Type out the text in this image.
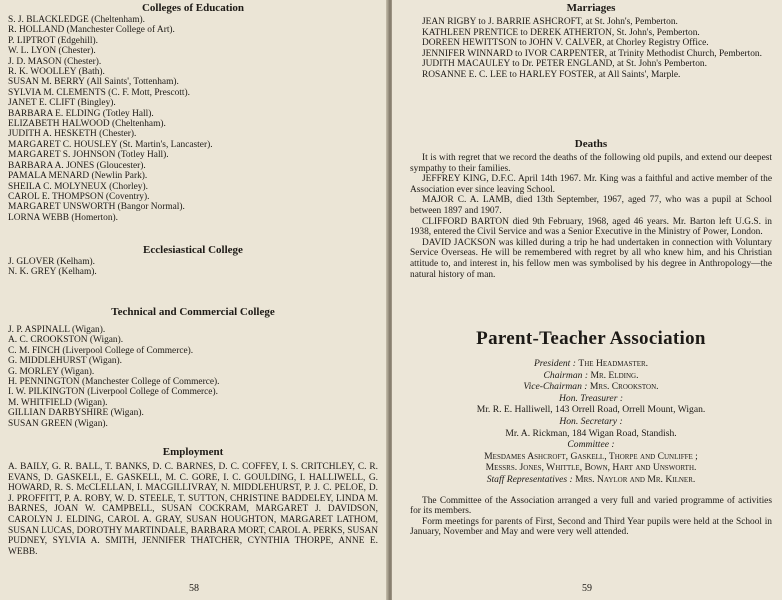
Colleges of Education
S. J. BLACKLEDGE (Cheltenham).
R. HOLLAND (Manchester College of Art).
P. LIPTROT (Edgehill).
W. L. LYON (Chester).
J. D. MASON (Chester).
R. K. WOOLLEY (Bath).
SUSAN M. BERRY (All Saints', Tottenham).
SYLVIA M. CLEMENTS (C. F. Mott, Prescott).
JANET E. CLIFT (Bingley).
BARBARA E. ELDING (Totley Hall).
ELIZABETH HALWOOD (Cheltenham).
JUDITH A. HESKETH (Chester).
MARGARET C. HOUSLEY (St. Martin's, Lancaster).
MARGARET S. JOHNSON (Totley Hall).
BARBARA A. JONES (Gloucester).
PAMALA MENARD (Newlin Park).
SHEILA C. MOLYNEUX (Chorley).
CAROL E. THOMPSON (Coventry).
MARGARET UNSWORTH (Bangor Normal).
LORNA WEBB (Homerton).
Ecclesiastical College
J. GLOVER (Kelham).
N. K. GREY (Kelham).
Technical and Commercial College
J. P. ASPINALL (Wigan).
A. C. CROOKSTON (Wigan).
C. M. FINCH (Liverpool College of Commerce).
G. MIDDLEHURST (Wigan).
G. MORLEY (Wigan).
H. PENNINGTON (Manchester College of Commerce).
I. W. PILKINGTON (Liverpool College of Commerce).
M. WHITFIELD (Wigan).
GILLIAN DARBYSHIRE (Wigan).
SUSAN GREEN (Wigan).
Employment

A. BAILY, G. R. BALL, T. BANKS, D. C. BARNES, D. C. COFFEY, I. S. CRITCHLEY, C. R. EVANS, D. GASKELL, E. GASKELL, M. C. GORE, I. C. GOULDING, I. HALLIWELL, G. HOWARD, R. S. McCLELLAN, I. MACGILLIVRAY, N. MIDDLEHURST, P. J. C. PELOE, D. J. PROFFITT, P. A. ROBY, W. D. STEELE, T. SUTTON, CHRISTINE BADDELEY, LINDA M. BARNES, JOAN W. CAMPBELL, SUSAN COCKRAM, MARGARET J. DAVIDSON, CAROLYN J. ELDING, CAROL A. GRAY, SUSAN HOUGHTON, MARGARET LATHOM, SUSAN LUCAS, DOROTHY MARTINDALE, BARBARA MORT, CAROL A. PERKS, SUSAN PUDNEY, SYLVIA A. SMITH, JENNIFER THATCHER, CYNTHIA THORPE, ANNE E. WEBB.

58
Marriages

JEAN RIGBY to J. BARRIE ASHCROFT, at St. John's, Pemberton.

KATHLEEN PRENTICE to DEREK ATHERTON, St. John's, Pemberton.

DOREEN HEWITTSON to JOHN V. CALVER, at Chorley Registry Office.

JENNIFER WINNARD to IVOR CARPENTER, at Trinity Methodist Church, Pemberton.

JUDITH MACAULEY to Dr. PETER ENGLAND, at St. John's Pemberton.

ROSANNE E. C. LEE to HARLEY FOSTER, at All Saints', Marple.

Deaths

It is with regret that we record the deaths of the following old pupils, and extend our deepest sympathy to their families.

JEFFREY KING, D.F.C. April 14th 1967. Mr. King was a faithful and active member of the Association ever since leaving School.

MAJOR C. A. LAMB, died 13th September, 1967, aged 77, who was a pupil at School between 1897 and 1907.

CLIFFORD BARTON died 9th February, 1968, aged 46 years. Mr. Barton left U.G.S. in 1938, entered the Civil Service and was a Senior Executive in the Ministry of Power, London.

DAVID JACKSON was killed during a trip he had undertaken in connection with Voluntary Service Overseas. He will be remembered with regret by all who knew him, and his Christian attitude to, and interest in, his fellow men was symbolised by his degree in Anthropology—the natural history of man.

Parent-Teacher Association
President : The Headmaster.
Chairman : Mr. Elding.
Vice-Chairman : Mrs. Crookston.
Hon. Treasurer :
Mr. R. E. Halliwell, 143 Orrell Road, Orrell Mount, Wigan.
Hon. Secretary :
Mr. A. Rickman, 184 Wigan Road, Standish.
Committee :
Mesdames Ashcroft, Gaskell, Thorpe and Cunliffe ;
Messrs. Jones, Whittle, Bown, Hart and Unsworth.
Staff Representatives : Mrs. Naylor and Mr. Kilner.

The Committee of the Association arranged a very full and varied programme of activities for its members.

Form meetings for parents of First, Second and Third Year pupils were held at the School in January, November and May and were very well attended.

59
